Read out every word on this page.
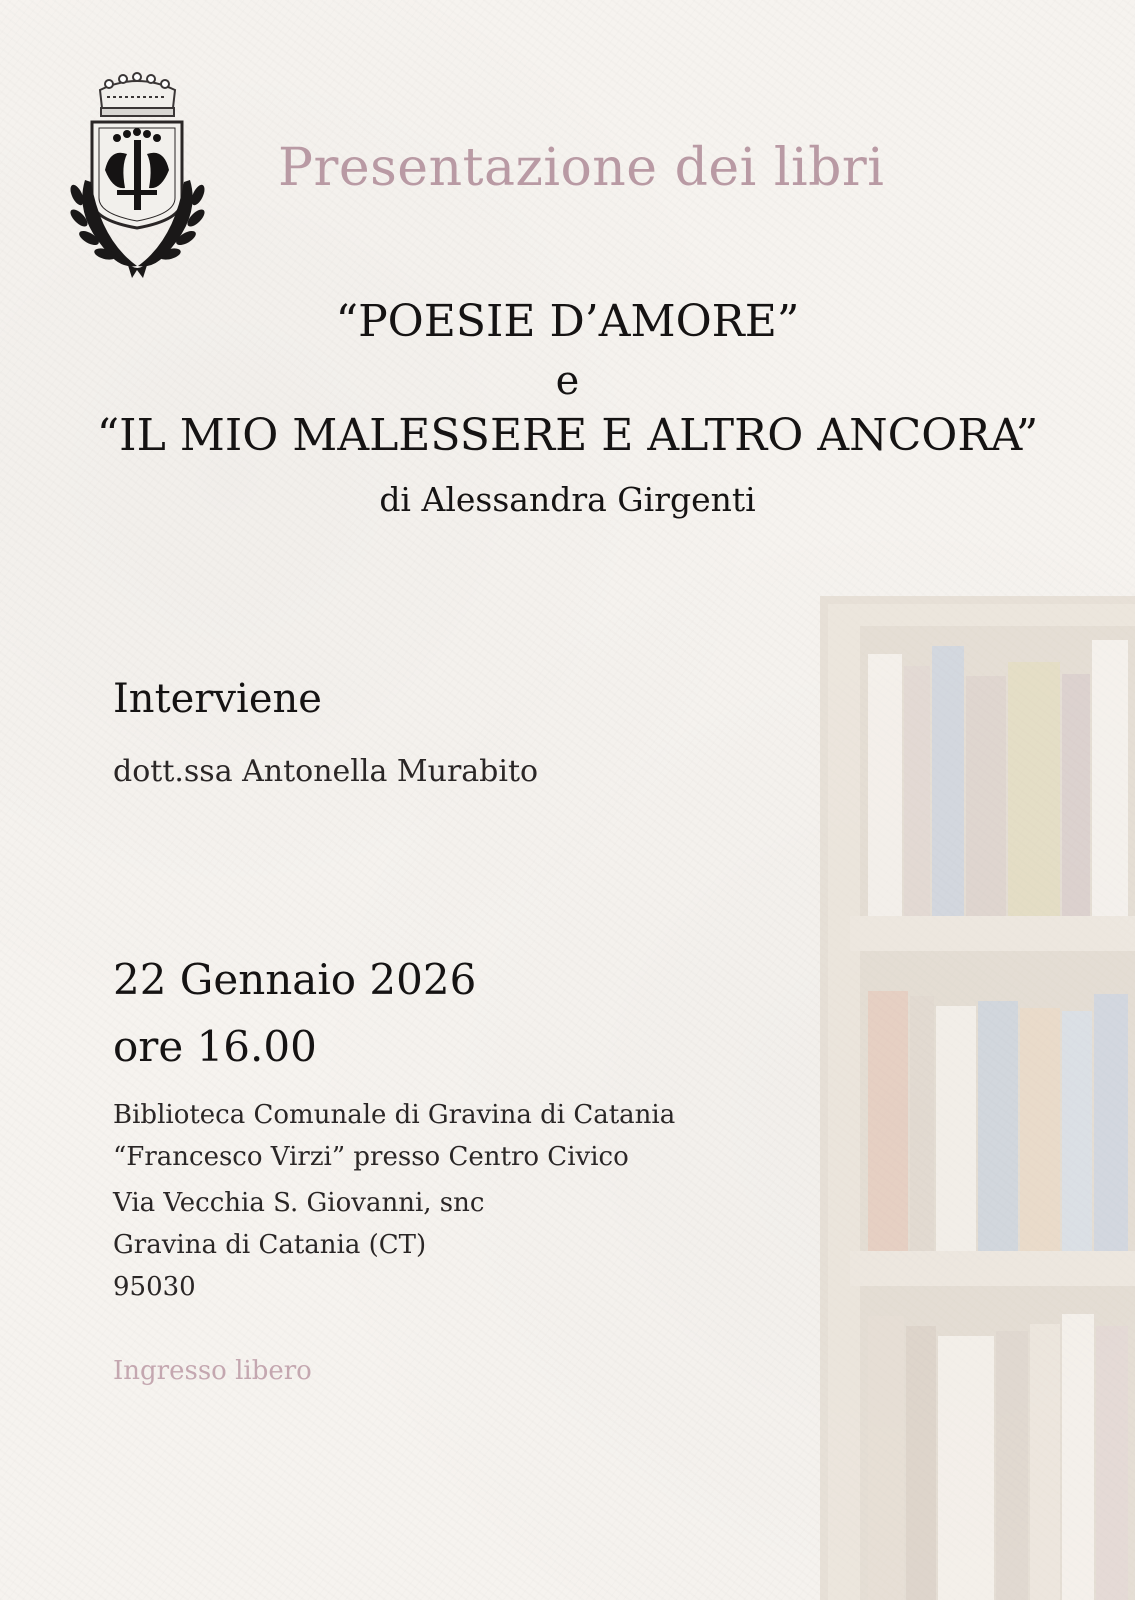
Presentazione dei libri
“POESIE D’AMORE”
e
“IL MIO MALESSERE E ALTRO ANCORA”
di Alessandra Girgenti
Interviene
dott.ssa Antonella Murabito
22 Gennaio 2026
ore 16.00
Biblioteca Comunale di Gravina di Catania
“Francesco Virzi” presso Centro Civico
Via Vecchia S. Giovanni, snc
Gravina di Catania (CT)
95030
Ingresso libero
